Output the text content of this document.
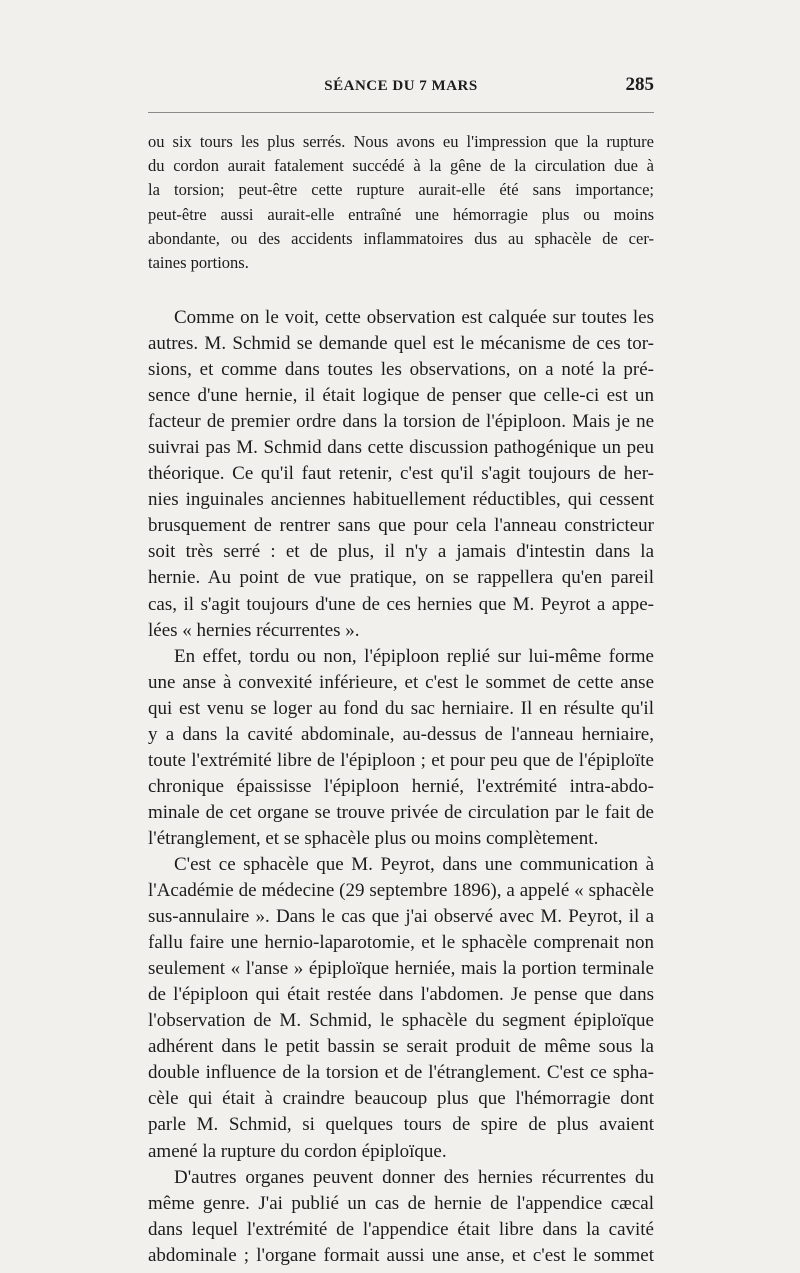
SÉANCE DU 7 MARS	285

ou six tours les plus serrés. Nous avons eu l'impression que la rupture
du cordon aurait fatalement succédé à la gêne de la circulation due à
la torsion; peut-être cette rupture aurait-elle été sans importance;
peut-être aussi aurait-elle entraîné une hémorragie plus ou moins
abondante, ou des accidents inflammatoires dus au sphacèle de cer-
taines portions.

Comme on le voit, cette observation est calquée sur toutes les
autres. M. Schmid se demande quel est le mécanisme de ces tor-
sions, et comme dans toutes les observations, on a noté la pré-
sence d'une hernie, il était logique de penser que celle-ci est un
facteur de premier ordre dans la torsion de l'épiploon. Mais je ne
suivrai pas M. Schmid dans cette discussion pathogénique un peu
théorique. Ce qu'il faut retenir, c'est qu'il s'agit toujours de her-
nies inguinales anciennes habituellement réductibles, qui cessent
brusquement de rentrer sans que pour cela l'anneau constricteur
soit très serré : et de plus, il n'y a jamais d'intestin dans la
hernie. Au point de vue pratique, on se rappellera qu'en pareil
cas, il s'agit toujours d'une de ces hernies que M. Peyrot a appe-
lées « hernies récurrentes ».

En effet, tordu ou non, l'épiploon replié sur lui-même forme
une anse à convexité inférieure, et c'est le sommet de cette anse
qui est venu se loger au fond du sac herniaire. Il en résulte qu'il
y a dans la cavité abdominale, au-dessus de l'anneau herniaire,
toute l'extrémité libre de l'épiploon ; et pour peu que de l'épiploïte
chronique épaississe l'épiploon hernié, l'extrémité intra-abdo-
minale de cet organe se trouve privée de circulation par le fait de
l'étranglement, et se sphacèle plus ou moins complètement.

C'est ce sphacèle que M. Peyrot, dans une communication à
l'Académie de médecine (29 septembre 1896), a appelé « sphacèle
sus-annulaire ». Dans le cas que j'ai observé avec M. Peyrot, il a
fallu faire une hernio-laparotomie, et le sphacèle comprenait non
seulement « l'anse » épiploïque herniée, mais la portion terminale
de l'épiploon qui était restée dans l'abdomen. Je pense que dans
l'observation de M. Schmid, le sphacèle du segment épiploïque
adhérent dans le petit bassin se serait produit de même sous la
double influence de la torsion et de l'étranglement. C'est ce spha-
cèle qui était à craindre beaucoup plus que l'hémorragie dont
parle M. Schmid, si quelques tours de spire de plus avaient
amené la rupture du cordon épiploïque.

D'autres organes peuvent donner des hernies récurrentes du
même genre. J'ai publié un cas de hernie de l'appendice cæcal
dans lequel l'extrémité de l'appendice était libre dans la cavité
abdominale ; l'organe formait aussi une anse, et c'est le sommet
